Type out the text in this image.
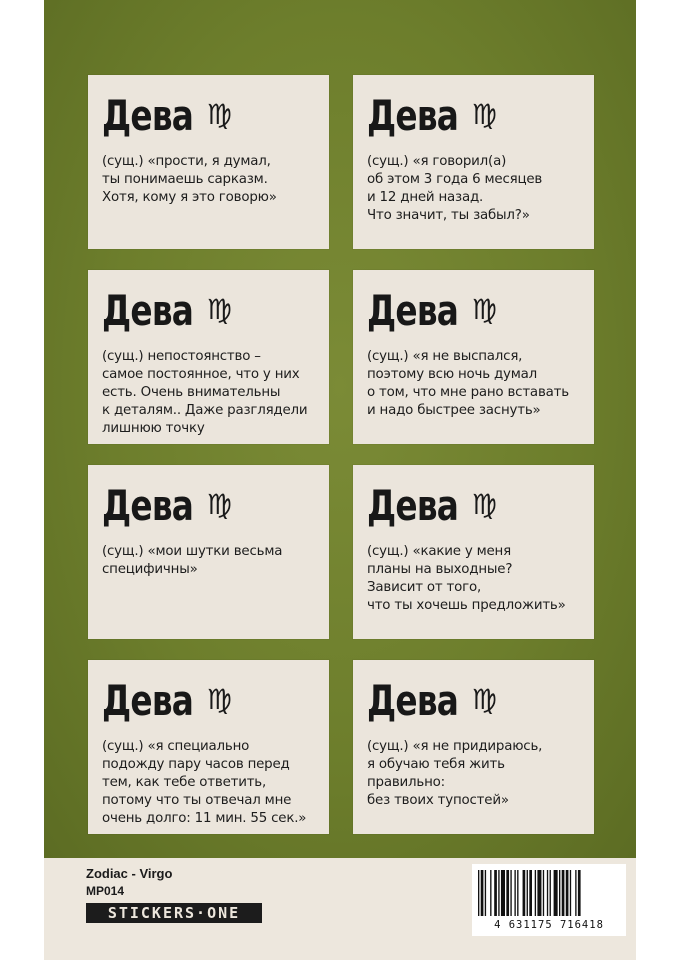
Дева ♍
(сущ.) «прости, я думал,
ты понимаешь сарказм.
Хотя, кому я это говорю»
Дева ♍
(сущ.) «я говорил(а)
об этом 3 года 6 месяцев
и 12 дней назад.
Что значит, ты забыл?»
Дева ♍
(сущ.) непостоянство –
самое постоянное, что у них
есть. Очень внимательны
к деталям.. Даже разглядели
лишнюю точку
Дева ♍
(сущ.) «я не выспался,
поэтому всю ночь думал
о том, что мне рано вставать
и надо быстрее заснуть»
Дева ♍
(сущ.) «мои шутки весьма
специфичны»
Дева ♍
(сущ.) «какие у меня
планы на выходные?
Зависит от того,
что ты хочешь предложить»
Дева ♍
(сущ.) «я специально
подожду пару часов перед
тем, как тебе ответить,
потому что ты отвечал мне
очень долго: 11 мин. 55 сек.»
Дева ♍
(сущ.) «я не придираюсь,
я обучаю тебя жить
правильно:
без твоих тупостей»
Zodiac - Virgo
MP014
STICKERS·ONE
4 631175 716418
